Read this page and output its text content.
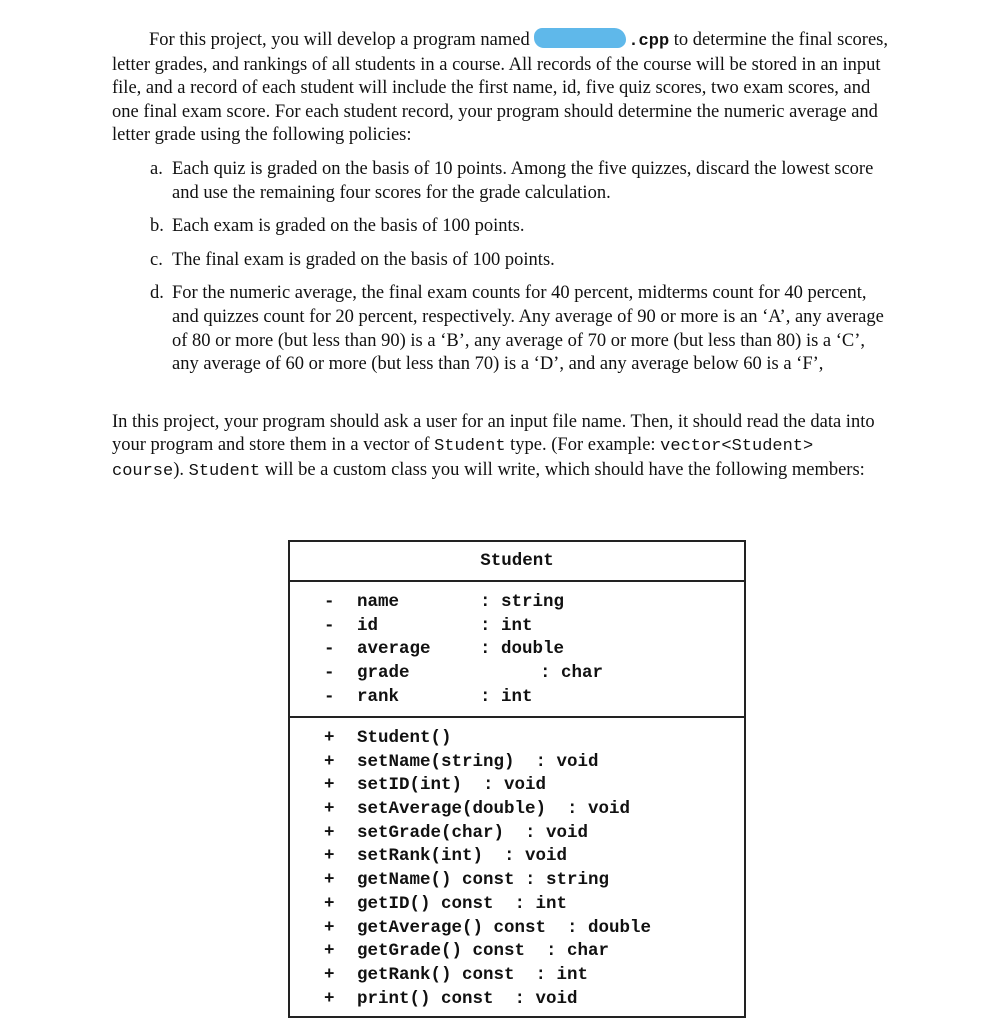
For this project, you will develop a program named	.cpp to determine the final scores, letter grades, and rankings of all students in a course. All records of the course will be stored in an input file, and a record of each student will include the first name, id, five quiz scores, two exam scores, and one final exam score. For each student record, your program should determine the numeric average and letter grade using the following policies:

a. Each quiz is graded on the basis of 10 points. Among the five quizzes, discard the lowest score and use the remaining four scores for the grade calculation.
b. Each exam is graded on the basis of 100 points.
c. The final exam is graded on the basis of 100 points.
d. For the numeric average, the final exam counts for 40 percent, midterms count for 40 percent, and quizzes count for 20 percent, respectively. Any average of 90 or more is an ‘A’, any average of 80 or more (but less than 90) is a ‘B’, any average of 70 or more (but less than 80) is a ‘C’, any average of 60 or more (but less than 70) is a ‘D’, and any average below 60 is a ‘F’,

In this project, your program should ask a user for an input file name. Then, it should read the data into your program and store them in a vector of Student type. (For example: vector<Student> course). Student will be a custom class you will write, which should have the following members:

Student
- name	: string
- id	: int
- average	: double
- grade	: char
- rank	: int
+ Student()
+ setName(string)  : void
+ setID(int)  : void
+ setAverage(double)  : void
+ setGrade(char)  : void
+ setRank(int)  : void
+ getName() const : string
+ getID() const  : int
+ getAverage() const  : double
+ getGrade() const  : char
+ getRank() const  : int
+ print() const  : void
